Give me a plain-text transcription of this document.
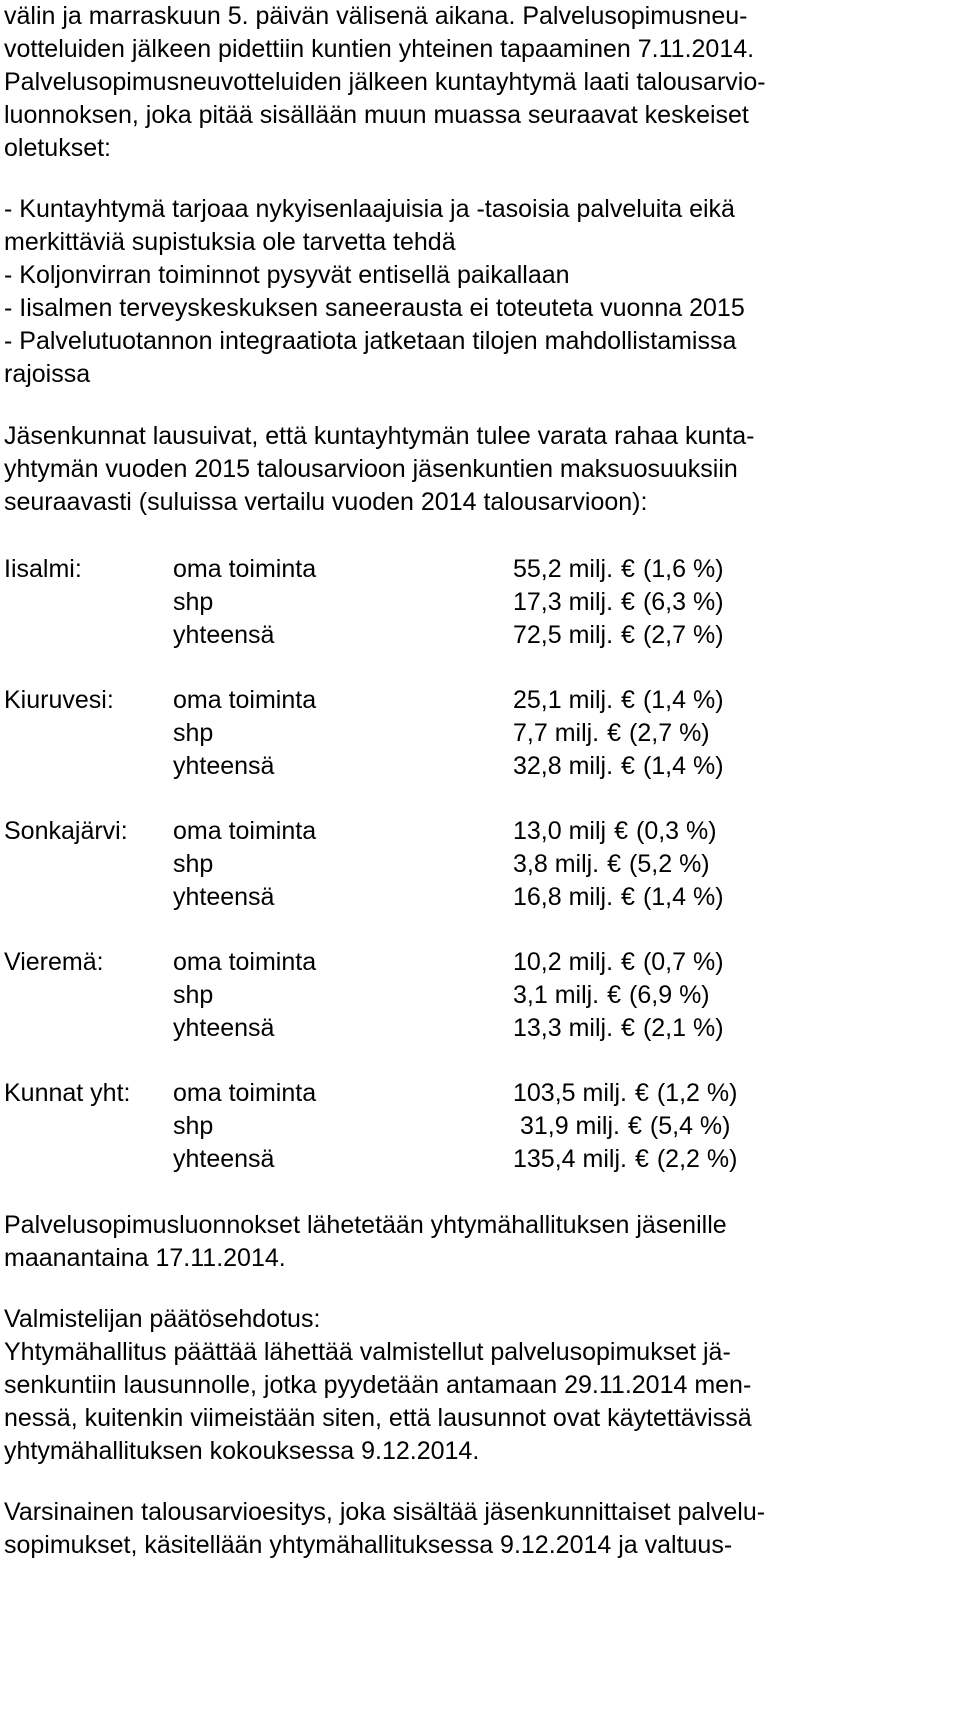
välin ja marraskuun 5. päivän välisenä aikana. Palvelusopimusneu-
votteluiden jälkeen pidettiin kuntien yhteinen tapaaminen 7.11.2014.
Palvelusopimusneuvotteluiden jälkeen kuntayhtymä laati talousarvio-
luonnoksen, joka pitää sisällään muun muassa seuraavat keskeiset
oletukset:
- Kuntayhtymä tarjoaa nykyisenlaajuisia ja -tasoisia palveluita eikä
merkittäviä supistuksia ole tarvetta tehdä
- Koljonvirran toiminnot pysyvät entisellä paikallaan
- Iisalmen terveyskeskuksen saneerausta ei toteuteta vuonna 2015
- Palvelutuotannon integraatiota jatketaan tilojen mahdollistamissa
rajoissa
Jäsenkunnat lausuivat, että kuntayhtymän tulee varata rahaa kunta-
yhtymän vuoden 2015 talousarvioon jäsenkuntien maksuosuuksiin
seuraavasti (suluissa vertailu vuoden 2014 talousarvioon):
Iisalmi:	oma toiminta	55,2 milj. € (1,6 %)
shp	17,3 milj. € (6,3 %)
yhteensä	72,5 milj. € (2,7 %)
Kiuruvesi: oma toiminta	25,1 milj. € (1,4 %)
shp	7,7 milj. € (2,7 %)
yhteensä	32,8 milj. € (1,4 %)
Sonkajärvi: oma toiminta	13,0 milj € (0,3 %)
shp	3,8 milj. € (5,2 %)
yhteensä	16,8 milj. € (1,4 %)
Vieremä:	oma toiminta	10,2 milj. € (0,7 %)
shp	3,1 milj. € (6,9 %)
yhteensä	13,3 milj. € (2,1 %)
Kunnat yht: oma toiminta	103,5 milj. € (1,2 %)
shp	31,9 milj. € (5,4 %)
yhteensä	135,4 milj. € (2,2 %)
Palvelusopimusluonnokset lähetetään yhtymähallituksen jäsenille
maanantaina 17.11.2014.
Valmistelijan päätösehdotus:
Yhtymähallitus päättää lähettää valmistellut palvelusopimukset jä-
senkuntiin lausunnolle, jotka pyydetään antamaan 29.11.2014 men-
nessä, kuitenkin viimeistään siten, että lausunnot ovat käytettävissä
yhtymähallituksen kokouksessa 9.12.2014.
Varsinainen talousarvioesitys, joka sisältää jäsenkunnittaiset palvelu-
sopimukset, käsitellään yhtymähallituksessa 9.12.2014 ja valtuus-
